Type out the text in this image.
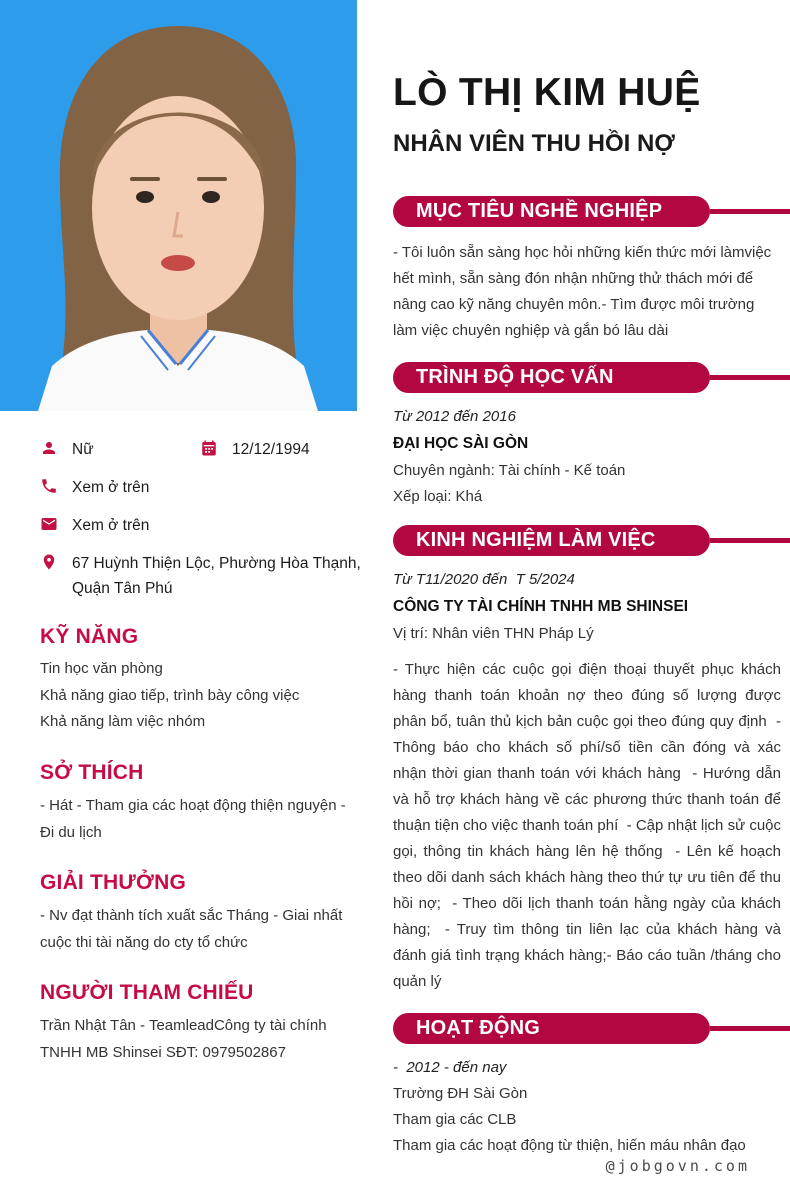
Nữ	12/12/1994
Xem ở trên
Xem ở trên
67 Huỳnh Thiện Lộc, Phường Hòa Thạnh, Quận Tân Phú
KỸ NĂNG
Tin học văn phòng
Khả năng giao tiếp, trình bày công việc
Khả năng làm việc nhóm
SỞ THÍCH
- Hát - Tham gia các hoạt động thiện nguyện - Đi du lịch
GIẢI THƯỞNG
- Nv đạt thành tích xuất sắc Tháng - Giai nhất cuộc thi tài năng do cty tổ chức
NGƯỜI THAM CHIẾU
Trần Nhật Tân - TeamleadCông ty tài chính TNHH MB Shinsei SĐT: 0979502867
LÒ THỊ KIM HUỆ
NHÂN VIÊN THU HỒI NỢ
MỤC TIÊU NGHỀ NGHIỆP
- Tôi luôn sẵn sàng học hỏi những kiến thức mới làmviệc hết mình, sẵn sàng đón nhận những thử thách mới để nâng cao kỹ năng chuyên môn.- Tìm được môi trường làm việc chuyên nghiệp và gắn bó lâu dài
TRÌNH ĐỘ HỌC VẤN
Từ 2012 đến 2016
ĐẠI HỌC SÀI GÒN
Chuyên ngành: Tài chính - Kế toán
Xếp loại: Khá
KINH NGHIỆM LÀM VIỆC
Từ T11/2020 đến  T 5/2024
CÔNG TY TÀI CHÍNH TNHH MB SHINSEI
Vị trí: Nhân viên THN Pháp Lý
- Thực hiện các cuộc gọi điện thoại thuyết phục khách hàng thanh toán khoản nợ theo đúng số lượng được phân bổ, tuân thủ kịch bản cuộc gọi theo đúng quy định  - Thông báo cho khách số phí/số tiền cần đóng và xác nhận thời gian thanh toán với khách hàng  - Hướng dẫn và hỗ trợ khách hàng về các phương thức thanh toán để thuận tiện cho việc thanh toán phí  - Cập nhật lịch sử cuộc gọi, thông tin khách hàng lên hệ thống  - Lên kế hoạch theo dõi danh sách khách hàng theo thứ tự ưu tiên để thu hồi nợ;  - Theo dõi lịch thanh toán hằng ngày của khách hàng;  - Truy tìm thông tin liên lạc của khách hàng và đánh giá tình trạng khách hàng;- Báo cáo tuần /tháng cho quản lý
HOẠT ĐỘNG
-  2012 - đến nay
Trường ĐH Sài Gòn
Tham gia các CLB
Tham gia các hoạt động từ thiện, hiến máu nhân đạo
@jobgovn.com
